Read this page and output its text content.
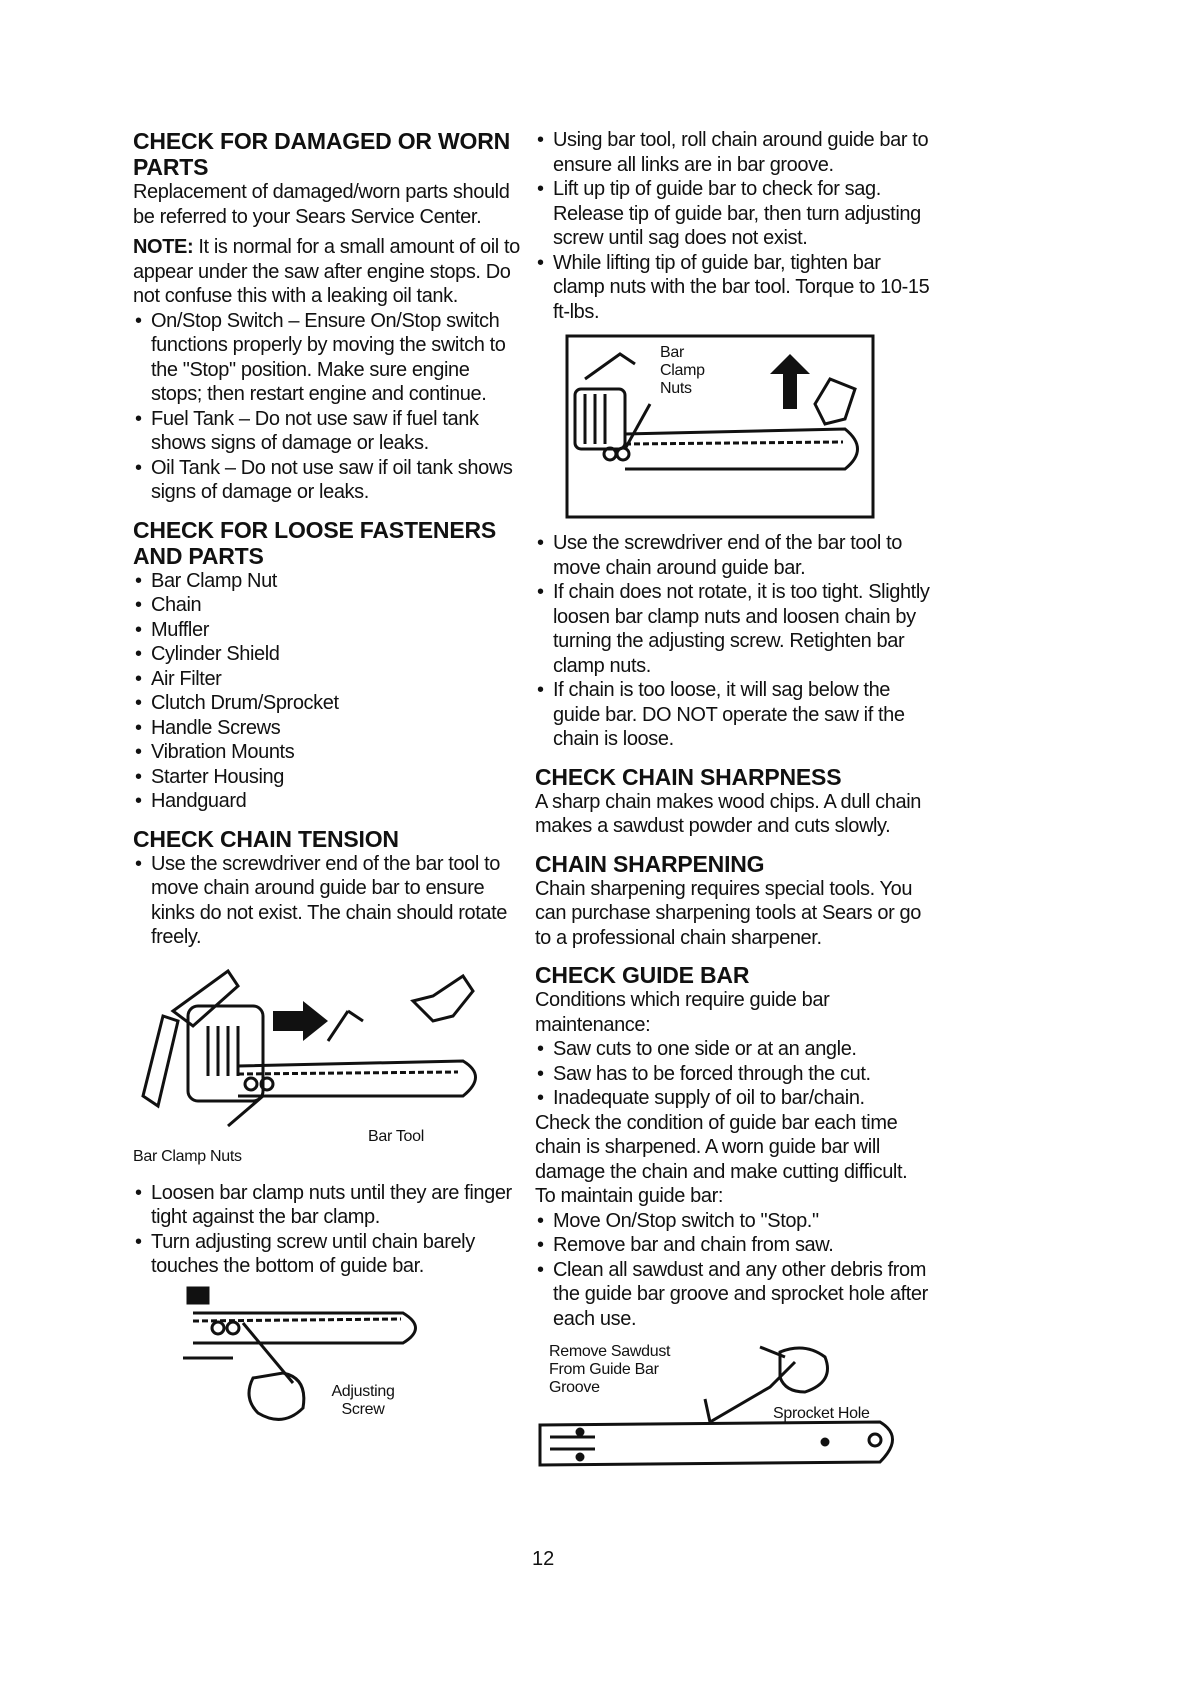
CHECK FOR DAMAGED OR WORN PARTS

Replacement of damaged/worn parts should be referred to your Sears Service Center.

NOTE: It is normal for a small amount of oil to appear under the saw after engine stops. Do not confuse this with a leaking oil tank.

• On/Stop Switch – Ensure On/Stop switch functions properly by moving the switch to the "Stop" position. Make sure engine stops; then restart engine and continue.
• Fuel Tank – Do not use saw if fuel tank shows signs of damage or leaks.
• Oil Tank – Do not use saw if oil tank shows signs of damage or leaks.
CHECK FOR LOOSE FASTENERS AND PARTS
• Bar Clamp Nut
• Chain
• Muffler
• Cylinder Shield
• Air Filter
• Clutch Drum/Sprocket
• Handle Screws
• Vibration Mounts
• Starter Housing
• Handguard
CHECK CHAIN TENSION
• Use the screwdriver end of the bar tool to move chain around guide bar to ensure kinks do not exist. The chain should rotate freely.
Bar Tool
Bar Clamp Nuts
• Loosen bar clamp nuts until they are finger tight against the bar clamp.
• Turn adjusting screw until chain barely touches the bottom of guide bar.
Adjusting Screw
• Using bar tool, roll chain around guide bar to ensure all links are in bar groove.
• Lift up tip of guide bar to check for sag. Release tip of guide bar, then turn adjusting screw until sag does not exist.
• While lifting tip of guide bar, tighten bar clamp nuts with the bar tool. Torque to 10-15 ft-lbs.
Bar Clamp Nuts
• Use the screwdriver end of the bar tool to move chain around guide bar.
• If chain does not rotate, it is too tight. Slightly loosen bar clamp nuts and loosen chain by turning the adjusting screw. Retighten bar clamp nuts.
• If chain is too loose, it will sag below the guide bar. DO NOT operate the saw if the chain is loose.
CHECK CHAIN SHARPNESS

A sharp chain makes wood chips. A dull chain makes a sawdust powder and cuts slowly.

CHAIN SHARPENING

Chain sharpening requires special tools. You can purchase sharpening tools at Sears or go to a professional chain sharpener.

CHECK GUIDE BAR

Conditions which require guide bar maintenance:

• Saw cuts to one side or at an angle.
• Saw has to be forced through the cut.
• Inadequate supply of oil to bar/chain.

Check the condition of guide bar each time chain is sharpened. A worn guide bar will damage the chain and make cutting difficult. To maintain guide bar:

• Move On/Stop switch to "Stop."
• Remove bar and chain from saw.
• Clean all sawdust and any other debris from the guide bar groove and sprocket hole after each use.
Remove Sawdust From Guide Bar Groove
Sprocket Hole
12
